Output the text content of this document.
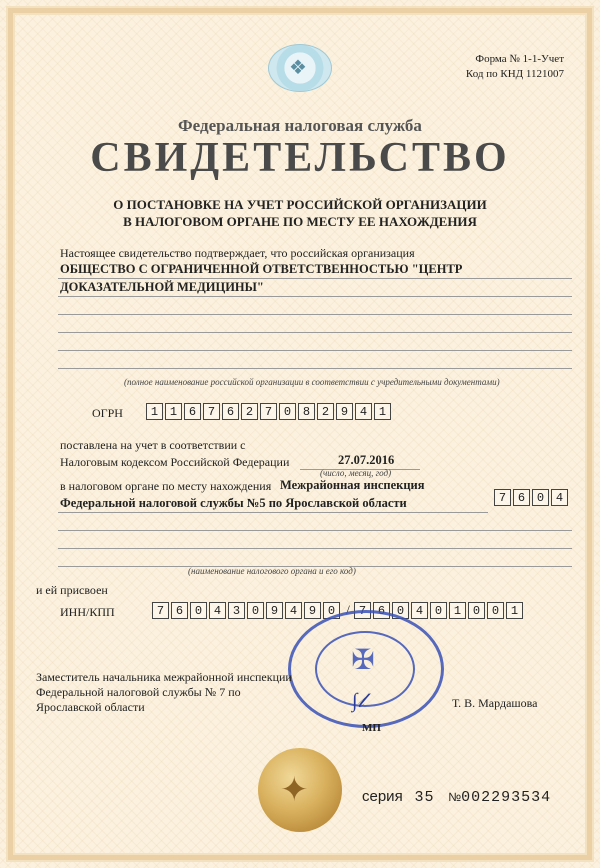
❖	Форма № 1-1-Учет
Код по КНД 1121007
Федеральная налоговая служба
СВИДЕТЕЛЬСТВО
О ПОСТАНОВКЕ НА УЧЕТ РОССИЙСКОЙ ОРГАНИЗАЦИИ
В НАЛОГОВОМ ОРГАНЕ ПО МЕСТУ ЕЕ НАХОЖДЕНИЯ
Настоящее свидетельство подтверждает, что российская организация
ОБЩЕСТВО С ОГРАНИЧЕННОЙ ОТВЕТСТВЕННОСТЬЮ "ЦЕНТР
ДОКАЗАТЕЛЬНОЙ МЕДИЦИНЫ"
(полное наименование российской организации в соответствии с учредительными документами)
ОГРН	1 1 6 7 6 2 7 0 8 2 9 4 1
поставлена на учет в соответствии с
Налоговым кодексом Российской Федерации	27.07.2016
(число, месяц, год)
в налоговом органе по месту нахождения Межрайонная инспекция
Федеральной налоговой службы №5 по Ярославской области	7 6 0 4
(наименование налогового органа и его код)
и ей присвоен
ИНН/КПП	7 6 0 4 3 0 9 4 9 0 / 7 6 0 4 0 1 0 0 1
✠
Заместитель начальника межрайонной инспекции
Федеральной налоговой службы № 7 по
Ярославской области	∫𝓁	Т. В. Мардашова
МП
✦	серия 35 №002293534
